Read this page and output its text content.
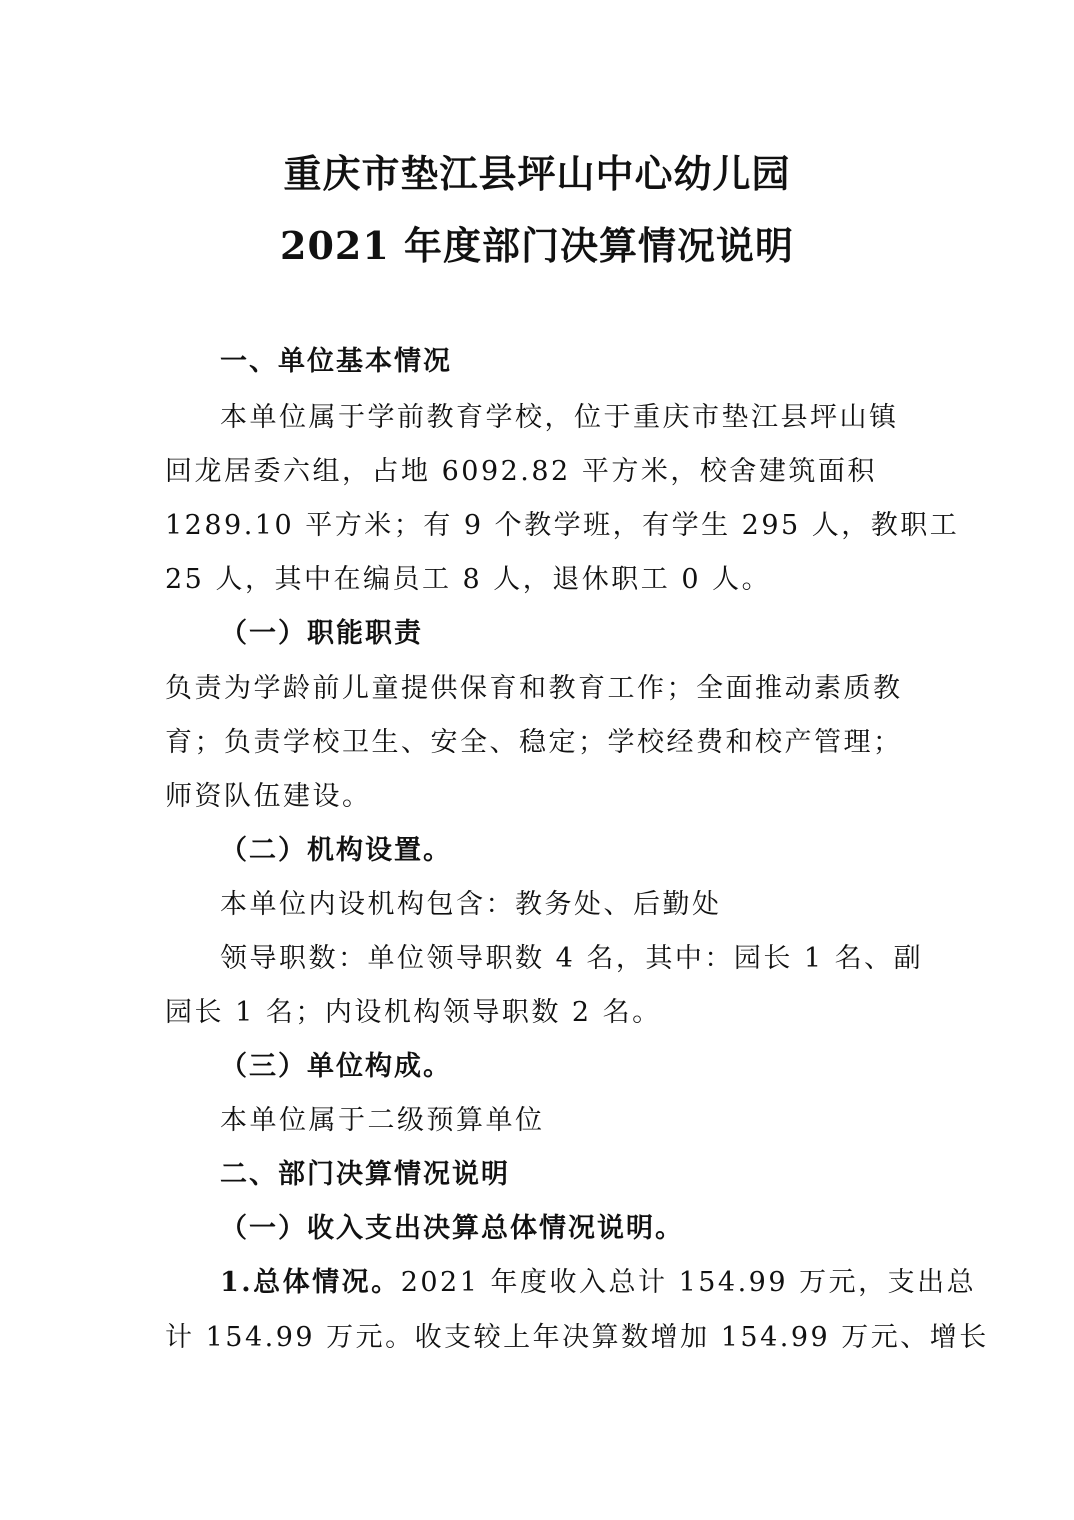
重庆市垫江县坪山中心幼儿园
2021 年度部门决算情况说明

一、单位基本情况

本单位属于学前教育学校，位于重庆市垫江县坪山镇

回龙居委六组，占地 6092.82 平方米，校舍建筑面积

1289.10 平方米；有 9 个教学班，有学生 295 人，教职工

25 人，其中在编员工 8 人，退休职工 0 人。

（一）职能职责

负责为学龄前儿童提供保育和教育工作；全面推动素质教

育；负责学校卫生、安全、稳定；学校经费和校产管理；

师资队伍建设。

（二）机构设置。

本单位内设机构包含：教务处、后勤处

领导职数：单位领导职数 4 名，其中：园长 1 名、副

园长 1 名；内设机构领导职数 2 名。

（三）单位构成。

本单位属于二级预算单位

二、部门决算情况说明

（一）收入支出决算总体情况说明。

1.总体情况。2021 年度收入总计 154.99 万元，支出总

计 154.99 万元。收支较上年决算数增加 154.99 万元、增长
